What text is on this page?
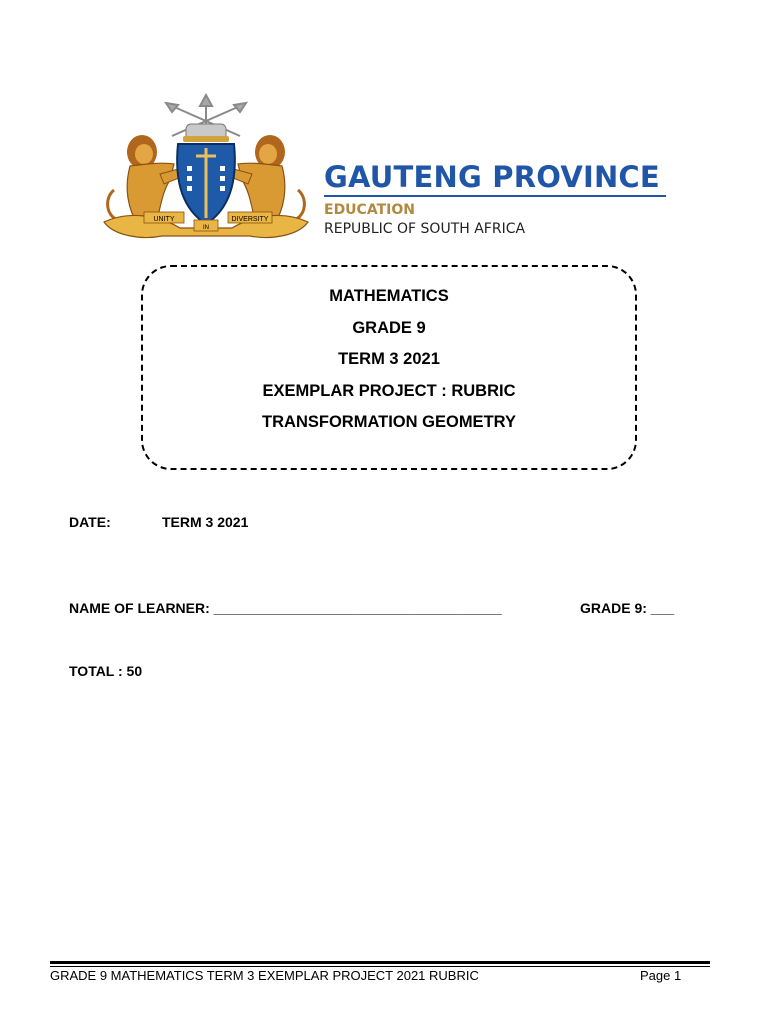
UNITY
IN
DIVERSITY
GAUTENG PROVINCE
EDUCATION
REPUBLIC OF SOUTH AFRICA
MATHEMATICS
GRADE 9
TERM 3 2021
EXEMPLAR PROJECT : RUBRIC
TRANSFORMATION GEOMETRY
DATE:	TERM 3 2021
NAME OF LEARNER: _____________________________________	GRADE 9: ___
TOTAL : 50
GRADE 9 MATHEMATICS TERM 3 EXEMPLAR PROJECT 2021 RUBRIC	Page 1
